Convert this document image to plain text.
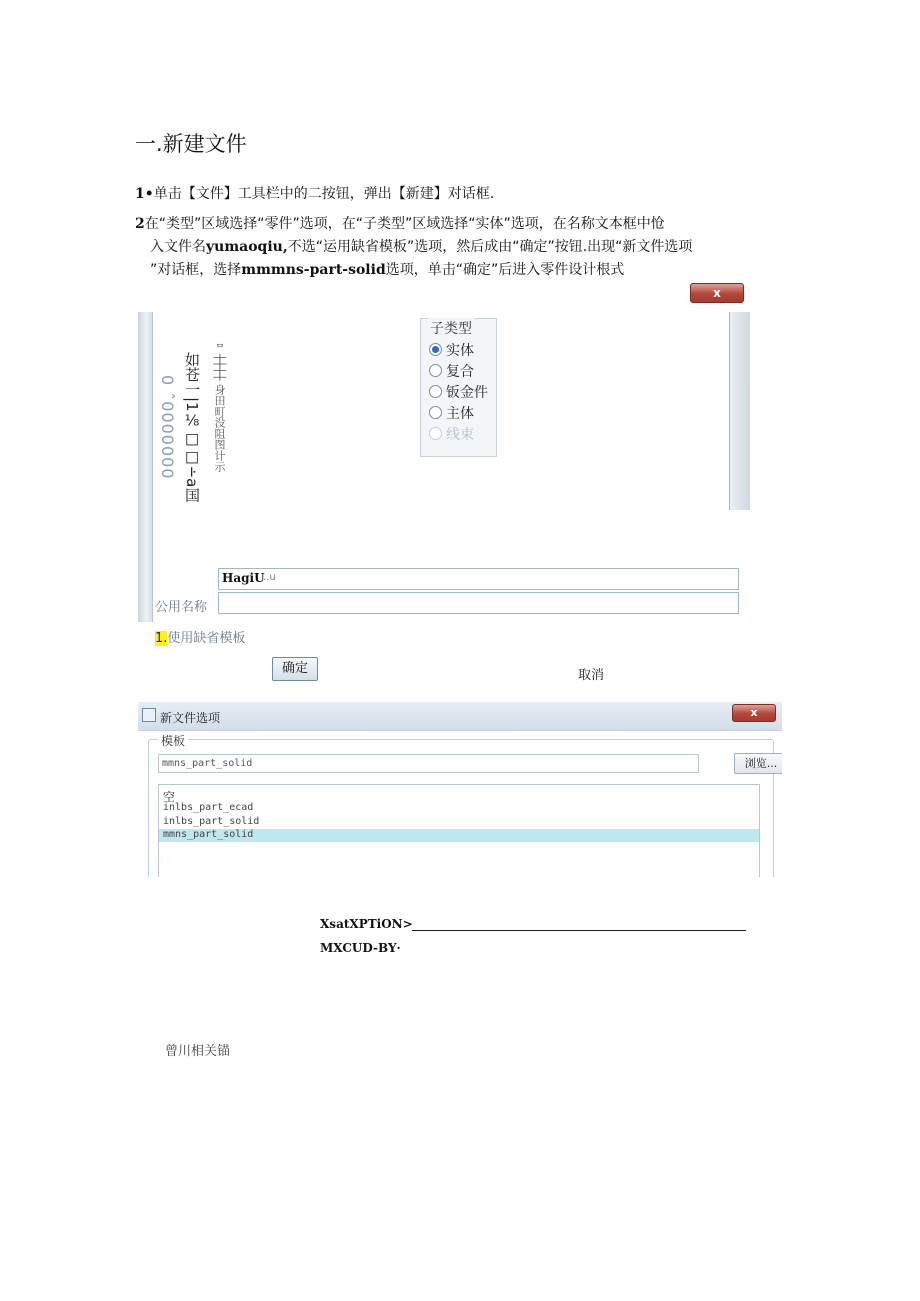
一.新建文件
1•单击【文件】工具栏中的二按钮，弹出【新建】对话框.
2在“类型”区域选择“零件”选项，在“子类型”区域选择“实体”选项，在名称文本框中怆
入文件名yumaoqiu,不选“运用缺省模板”选项，然后成由“确定”按钮.出现“新文件选项
”对话框，选择mmmns-part-solid选项，单击“确定”后进入零件设计根式
x
0 ˆ0000000 如苍一|1⅛□□∸a国 ᄆ┼┼┼┼ 身田町没阻图计示	实体
复合
钣金件
主体
线束
子类型
HagiU
..u
公用名称
1.使用缺省模板
确定	取消
新文件选项	x
模板
mmns_part_solid	浏览...
空
inlbs_part_ecad
inlbs_part_solid
mmns_part_solid
XsatXPTiON>
MXCUD-BY·
曾川相关锚
